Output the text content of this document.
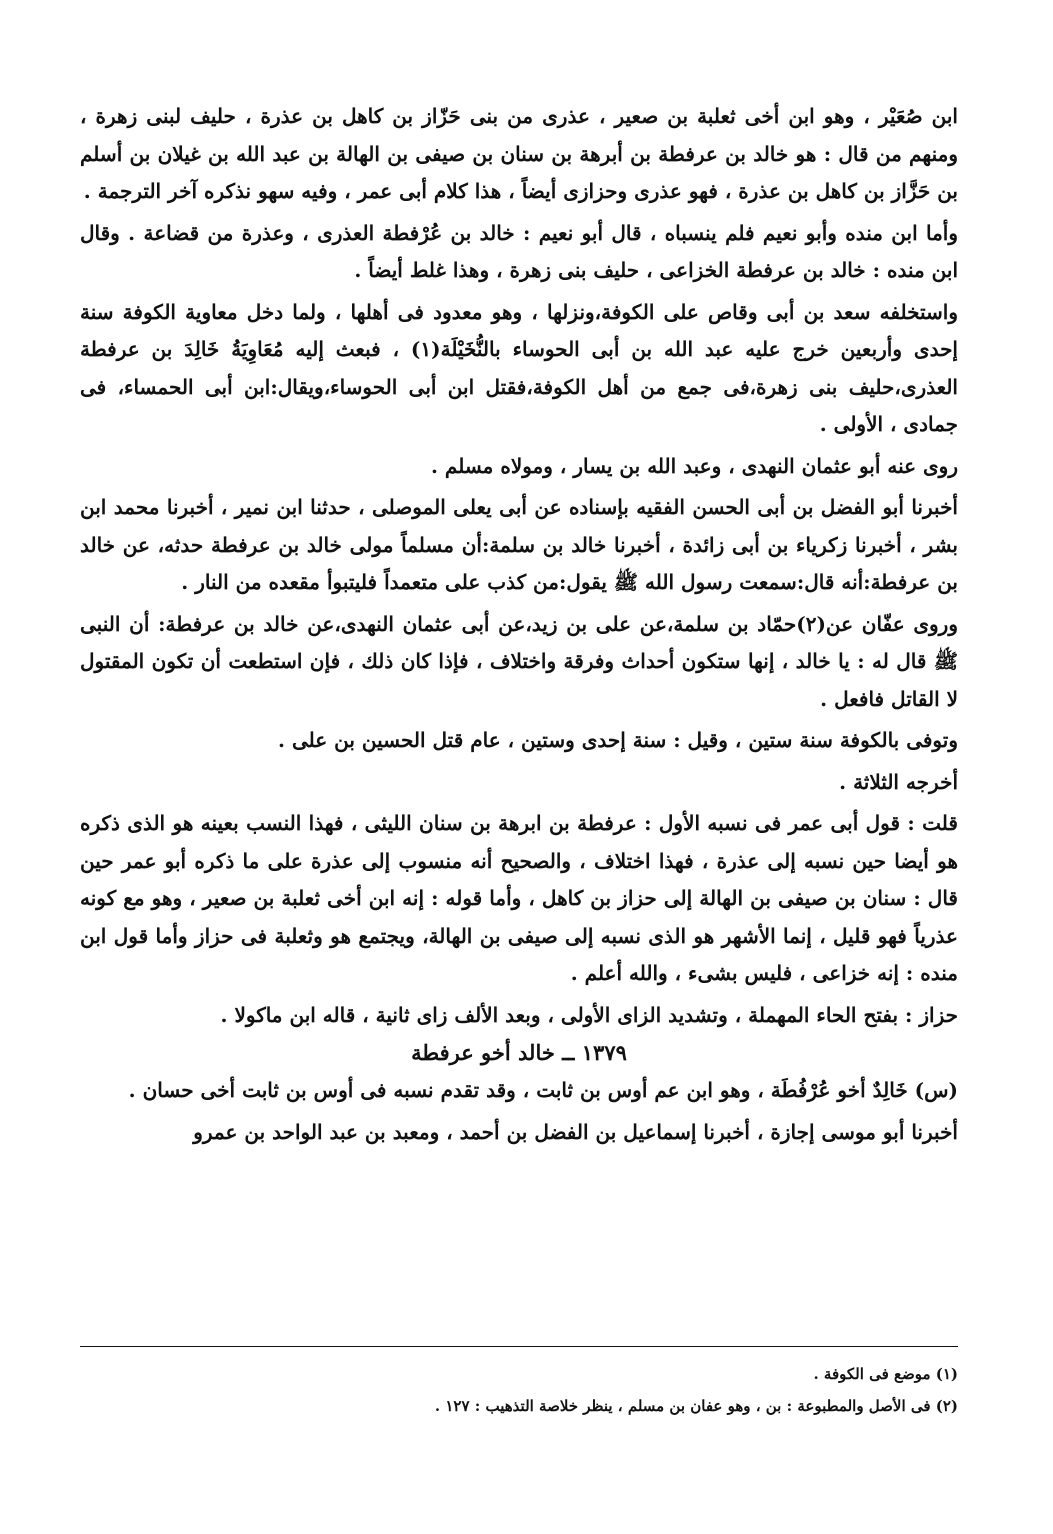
ابن صُعَيْر ، وهو ابن أخى ثعلبة بن صعير ، عذرى من بنى حَزّاز بن كاهل بن عذرة ، حليف لبنى زهرة ، ومنهم من قال : هو خالد بن عرفطة بن أبرهة بن سنان بن صيفى بن الهالة بن عبد الله بن غيلان بن أسلم بن حَزَّاز بن كاهل بن عذرة ، فهو عذرى وحزازى أيضاً ، هذا كلام أبى عمر ، وفيه سهو نذكره آخر الترجمة .

وأما ابن منده وأبو نعيم فلم ينسباه ، قال أبو نعيم : خالد بن عُرْفطة العذرى ، وعذرة من قضاعة . وقال ابن منده : خالد بن عرفطة الخزاعى ، حليف بنى زهرة ، وهذا غلط أيضاً .

واستخلفه سعد بن أبى وقاص على الكوفة،ونزلها ، وهو معدود فى أهلها ، ولما دخل معاوية الكوفة سنة إحدى وأربعين خرج عليه عبد الله بن أبى الحوساء بالنُّخَيْلَة(١) ، فبعث إليه مُعَاوِيَةُ خَالِدَ بن عرفطة العذرى،حليف بنى زهرة،فى جمع من أهل الكوفة،فقتل ابن أبى الحوساء،ويقال:ابن أبى الحمساء، فى جمادى ، الأولى .

روى عنه أبو عثمان النهدى ، وعبد الله بن يسار ، ومولاه مسلم .

أخبرنا أبو الفضل بن أبى الحسن الفقيه بإسناده عن أبى يعلى الموصلى ، حدثنا ابن نمير ، أخبرنا محمد ابن بشر ، أخبرنا زكرياء بن أبى زائدة ، أخبرنا خالد بن سلمة:أن مسلماً مولى خالد بن عرفطة حدثه، عن خالد بن عرفطة:أنه قال:سمعت رسول الله ﷺ يقول:من كذب على متعمداً فليتبوأ مقعده من النار .

وروى عفّان عن(٢)حمّاد بن سلمة،عن على بن زيد،عن أبى عثمان النهدى،عن خالد بن عرفطة: أن النبى ﷺ قال له : يا خالد ، إنها ستكون أحداث وفرقة واختلاف ، فإذا كان ذلك ، فإن استطعت أن تكون المقتول لا القاتل فافعل .

وتوفى بالكوفة سنة ستين ، وقيل : سنة إحدى وستين ، عام قتل الحسين بن على .

أخرجه الثلاثة .

قلت : قول أبى عمر فى نسبه الأول : عرفطة بن ابرهة بن سنان الليثى ، فهذا النسب بعينه هو الذى ذكره هو أيضا حين نسبه إلى عذرة ، فهذا اختلاف ، والصحيح أنه منسوب إلى عذرة على ما ذكره أبو عمر حين قال : سنان بن صيفى بن الهالة إلى حزاز بن كاهل ، وأما قوله : إنه ابن أخى ثعلبة بن صعير ، وهو مع كونه عذرياً فهو قليل ، إنما الأشهر هو الذى نسبه إلى صيفى بن الهالة، ويجتمع هو وثعلبة فى حزاز وأما قول ابن منده : إنه خزاعى ، فليس بشىء ، والله أعلم .

حزاز : بفتح الحاء المهملة ، وتشديد الزاى الأولى ، وبعد الألف زاى ثانية ، قاله ابن ماكولا .

١٣٧٩ ــ خالد أخو عرفطة

(س) خَالِدٌ أخو عُرْفُطَة ، وهو ابن عم أوس بن ثابت ، وقد تقدم نسبه فى أوس بن ثابت أخى حسان .

أخبرنا أبو موسى إجازة ، أخبرنا إسماعيل بن الفضل بن أحمد ، ومعبد بن عبد الواحد بن عمرو

(١) موضع فى الكوفة .

(٢) فى الأصل والمطبوعة : بن ، وهو عفان بن مسلم ، ينظر خلاصة التذهيب : ١٢٧ .
